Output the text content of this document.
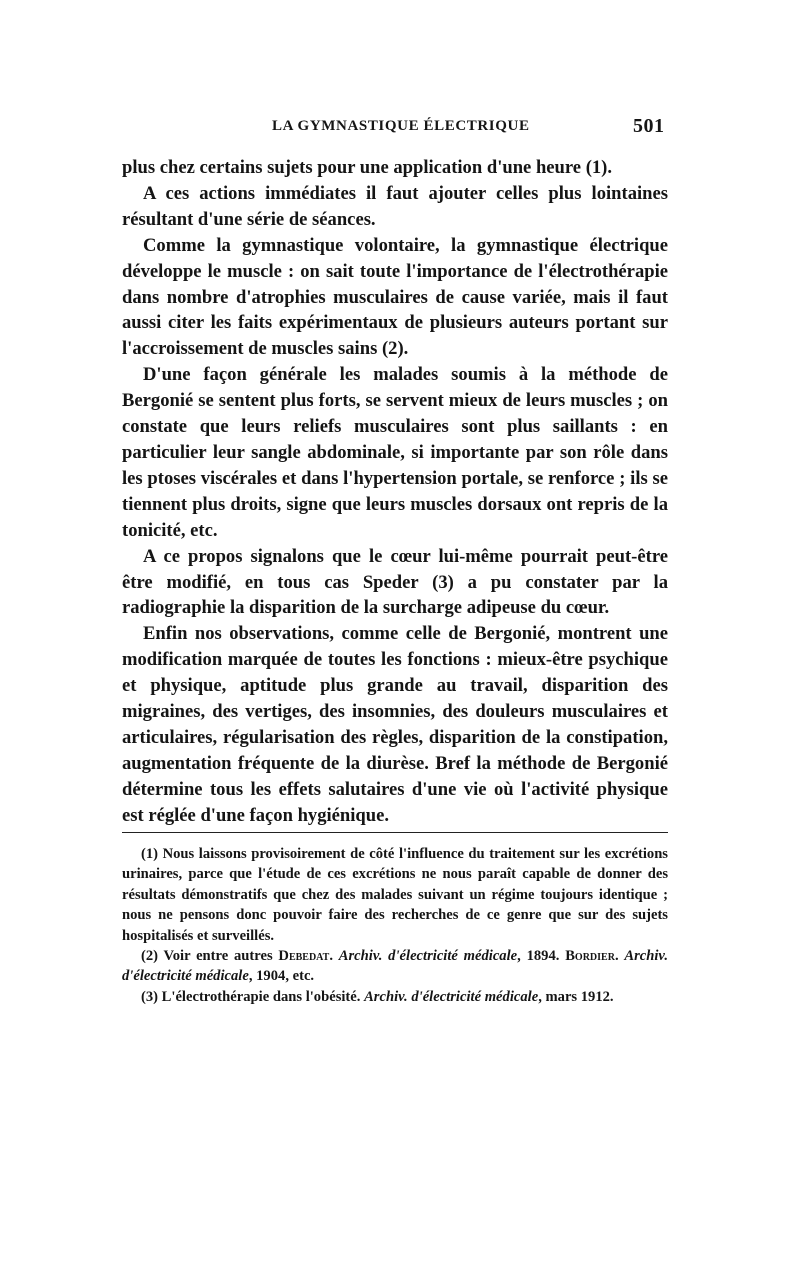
LA GYMNASTIQUE ÉLECTRIQUE	501

plus chez certains sujets pour une application d'une heure (1).

A ces actions immédiates il faut ajouter celles plus lointaines résultant d'une série de séances.

Comme la gymnastique volontaire, la gymnastique électrique développe le muscle : on sait toute l'importance de l'électrothérapie dans nombre d'atrophies musculaires de cause variée, mais il faut aussi citer les faits expérimentaux de plusieurs auteurs portant sur l'accroissement de muscles sains (2).

D'une façon générale les malades soumis à la méthode de Bergonié se sentent plus forts, se servent mieux de leurs muscles ; on constate que leurs reliefs musculaires sont plus saillants : en particulier leur sangle abdominale, si importante par son rôle dans les ptoses viscérales et dans l'hypertension portale, se renforce ; ils se tiennent plus droits, signe que leurs muscles dorsaux ont repris de la tonicité, etc.

A ce propos signalons que le cœur lui-même pourrait peut-être être modifié, en tous cas Speder (3) a pu constater par la radiographie la disparition de la surcharge adipeuse du cœur.

Enfin nos observations, comme celle de Bergonié, montrent une modification marquée de toutes les fonctions : mieux-être psychique et physique, aptitude plus grande au travail, disparition des migraines, des vertiges, des insomnies, des douleurs musculaires et articulaires, régularisation des règles, disparition de la constipation, augmentation fréquente de la diurèse. Bref la méthode de Bergonié détermine tous les effets salutaires d'une vie où l'activité physique est réglée d'une façon hygiénique.

(1) Nous laissons provisoirement de côté l'influence du traitement sur les excrétions urinaires, parce que l'étude de ces excrétions ne nous paraît capable de donner des résultats démonstratifs que chez des malades suivant un régime toujours identique ; nous ne pensons donc pouvoir faire des recherches de ce genre que sur des sujets hospitalisés et surveillés.

(2) Voir entre autres Debedat. Archiv. d'électricité médicale, 1894. Bordier. Archiv. d'électricité médicale, 1904, etc.

(3) L'électrothérapie dans l'obésité. Archiv. d'électricité médicale, mars 1912.
